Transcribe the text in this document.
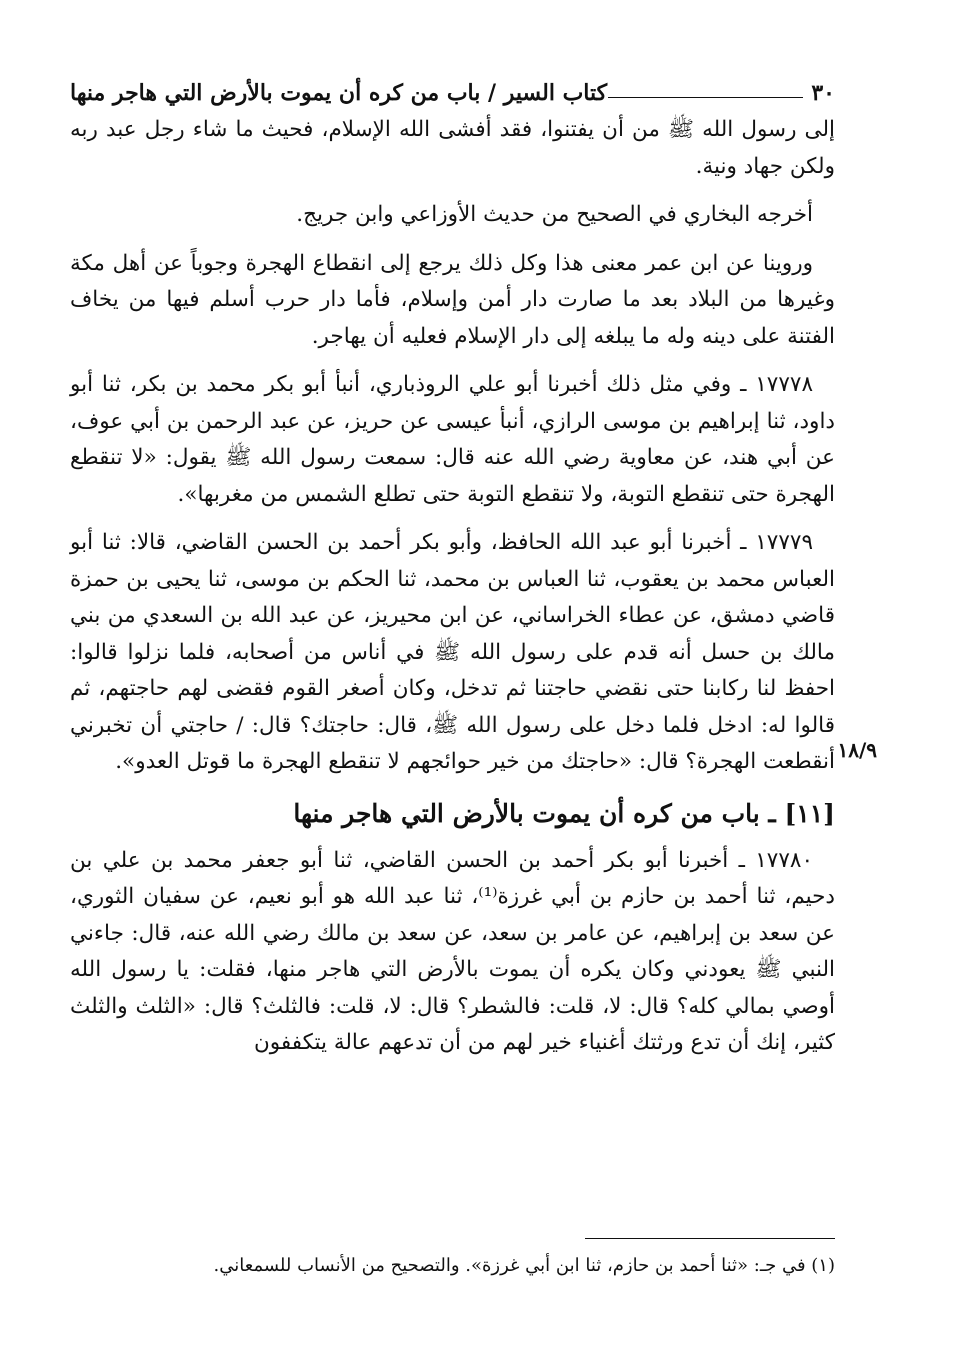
٣٠
كتاب السير / باب من كره أن يموت بالأرض التي هاجر منها

إلى رسول الله ﷺ من أن يفتنوا، فقد أفشى الله الإسلام، فحيث ما شاء رجل عبد ربه ولكن جهاد ونية.

أخرجه البخاري في الصحيح من حديث الأوزاعي وابن جريج.

وروينا عن ابن عمر معنى هذا وكل ذلك يرجع إلى انقطاع الهجرة وجوباً عن أهل مكة وغيرها من البلاد بعد ما صارت دار أمن وإسلام، فأما دار حرب أسلم فيها من يخاف الفتنة على دينه وله ما يبلغه إلى دار الإسلام فعليه أن يهاجر.

١٧٧٧٨ ـ وفي مثل ذلك أخبرنا أبو علي الروذباري، أنبأ أبو بكر محمد بن بكر، ثنا أبو داود، ثنا إبراهيم بن موسى الرازي، أنبأ عيسى عن حريز، عن عبد الرحمن بن أبي عوف، عن أبي هند، عن معاوية رضي الله عنه قال: سمعت رسول الله ﷺ يقول: «لا تنقطع الهجرة حتى تنقطع التوبة، ولا تنقطع التوبة حتى تطلع الشمس من مغربها».

١٧٧٧٩ ـ أخبرنا أبو عبد الله الحافظ، وأبو بكر أحمد بن الحسن القاضي، قالا: ثنا أبو العباس محمد بن يعقوب، ثنا العباس بن محمد، ثنا الحكم بن موسى، ثنا يحيى بن حمزة قاضي دمشق، عن عطاء الخراساني، عن ابن محيريز، عن عبد الله بن السعدي من بني مالك بن حسل أنه قدم على رسول الله ﷺ في أناس من أصحابه، فلما نزلوا قالوا: احفظ لنا ركابنا حتى نقضي حاجتنا ثم تدخل، وكان أصغر القوم فقضى لهم حاجتهم، ثم قالوا له: ادخل فلما دخل على رسول الله ﷺ، قال: حاجتك؟ قال: / حاجتي أن تخبرني أنقطعت الهجرة؟ قال: «حاجتك من خير حوائجهم لا تنقطع الهجرة ما قوتل العدو». ١٨/٩
[١١] ـ باب من كره أن يموت بالأرض التي هاجر منها

١٧٧٨٠ ـ أخبرنا أبو بكر أحمد بن الحسن القاضي، ثنا أبو جعفر محمد بن علي بن دحيم، ثنا أحمد بن حازم بن أبي غرزة⁽¹⁾، ثنا عبد الله هو أبو نعيم، عن سفيان الثوري، عن سعد بن إبراهيم، عن عامر بن سعد، عن سعد بن مالك رضي الله عنه، قال: جاءني النبي ﷺ يعودني وكان يكره أن يموت بالأرض التي هاجر منها، فقلت: يا رسول الله أوصي بمالي كله؟ قال: لا، قلت: فالشطر؟ قال: لا، قلت: فالثلث؟ قال: «الثلث والثلث كثير، إنك أن تدع ورثتك أغنياء خير لهم من أن تدعهم عالة يتكففون

(١) في جـ: «ثنا أحمد بن حازم، ثنا ابن أبي غرزة». والتصحيح من الأنساب للسمعاني.
